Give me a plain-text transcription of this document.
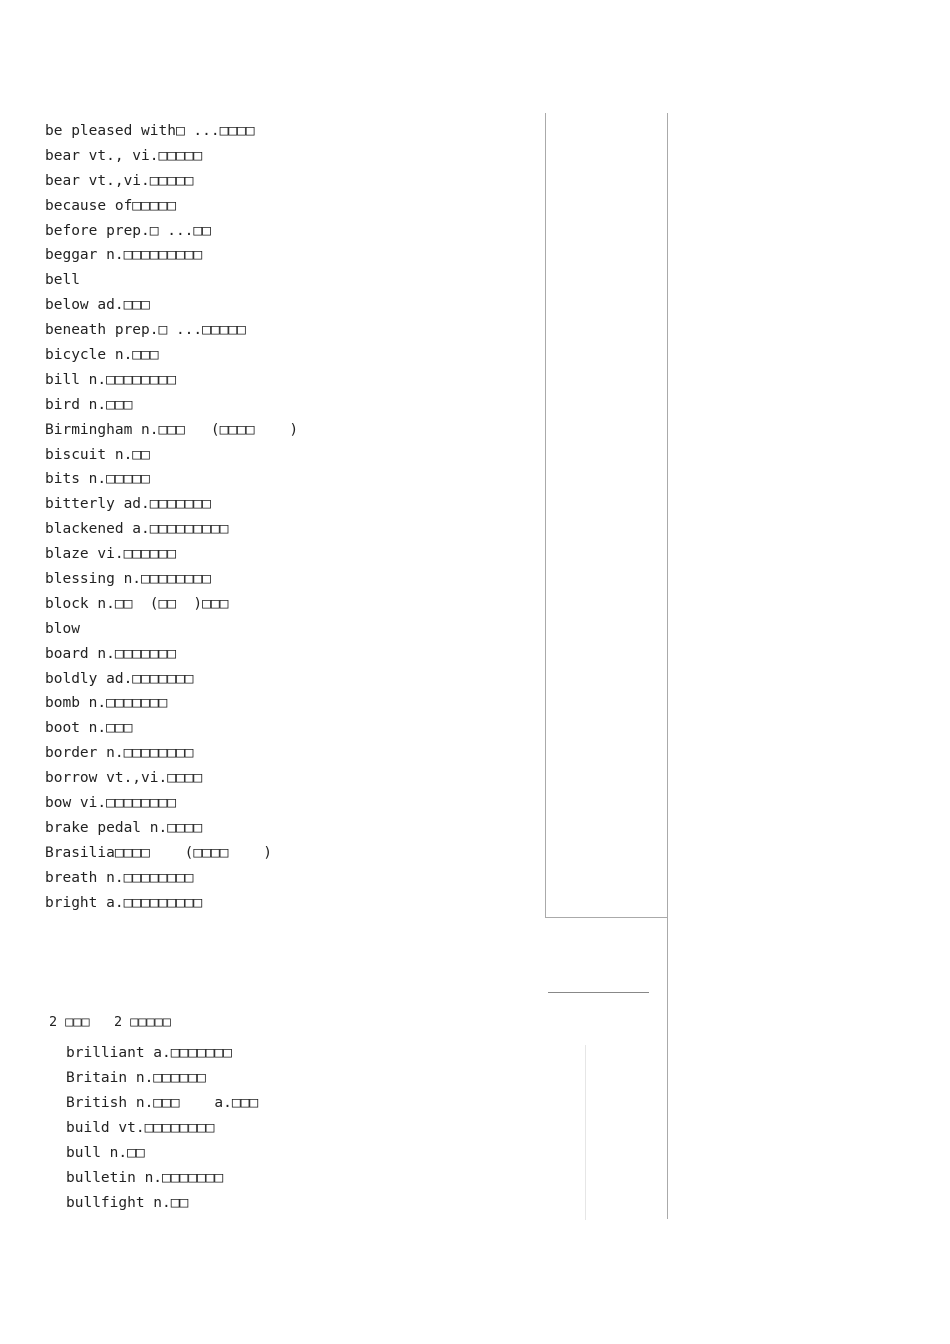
be pleased with□ ...□□□□
bear vt., vi.□□□□□
bear vt.,vi.□□□□□
because of□□□□□
before prep.□ ...□□
beggar n.□□□□□□□□□
bell
below ad.□□□
beneath prep.□ ...□□□□□
bicycle n.□□□
bill n.□□□□□□□□
bird n.□□□
Birmingham n.□□□   (□□□□    )
biscuit n.□□
bits n.□□□□□
bitterly ad.□□□□□□□
blackened a.□□□□□□□□□
blaze vi.□□□□□□
blessing n.□□□□□□□□
block n.□□  (□□  )□□□
blow
board n.□□□□□□□
boldly ad.□□□□□□□
bomb n.□□□□□□□
boot n.□□□
border n.□□□□□□□□
borrow vt.,vi.□□□□
bow vi.□□□□□□□□
brake pedal n.□□□□
Brasilia□□□□    (□□□□    )
breath n.□□□□□□□□
bright a.□□□□□□□□□
2 □□□   2 □□□□□
brilliant a.□□□□□□□
Britain n.□□□□□□
British n.□□□    a.□□□
build vt.□□□□□□□□
bull n.□□
bulletin n.□□□□□□□
bullfight n.□□
